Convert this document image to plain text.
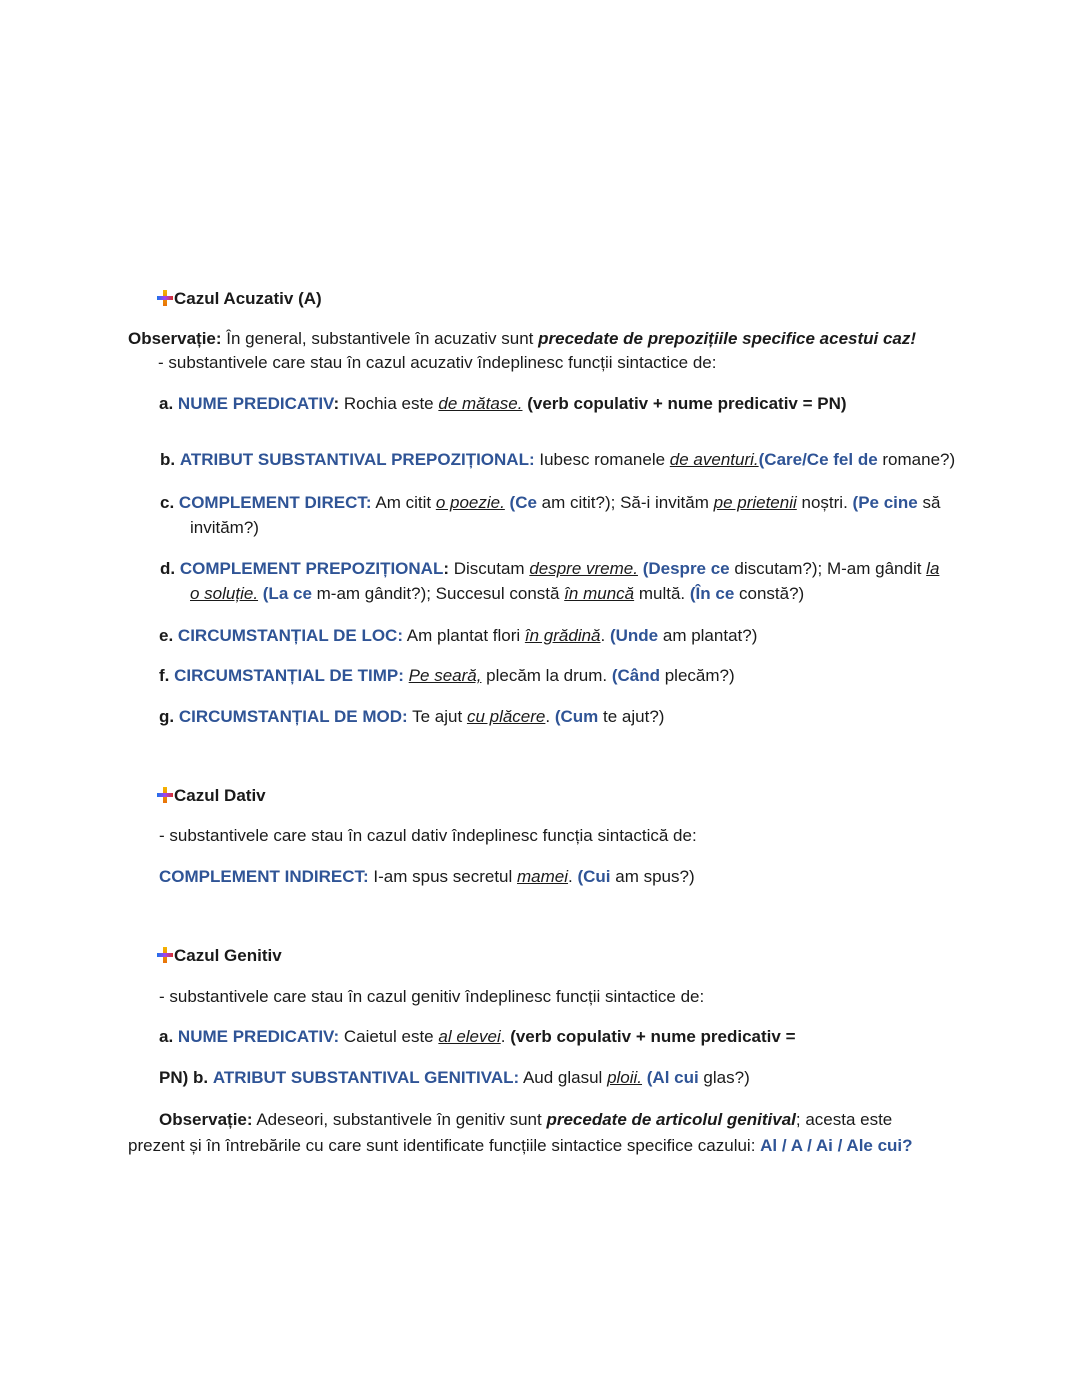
Cazul Acuzativ (A)
Observație: În general, substantivele în acuzativ sunt precedate de prepozițiile specifice acestui caz!
- substantivele care stau în cazul acuzativ îndeplinesc funcții sintactice de:
a. NUME PREDICATIV: Rochia este de mătase. (verb copulativ + nume predicativ = PN)
b. ATRIBUT SUBSTANTIVAL PREPOZIȚIONAL: Iubesc romanele de aventuri.(Care/Ce fel de romane?)
c. COMPLEMENT DIRECT: Am citit o poezie. (Ce am citit?); Să-i invităm pe prietenii noștri. (Pe cine să
invităm?)
d. COMPLEMENT PREPOZIȚIONAL: Discutam despre vreme. (Despre ce discutam?); M-am gândit la
o soluție. (La ce m-am gândit?); Succesul constă în muncă multă. (În ce constă?)
e. CIRCUMSTANȚIAL DE LOC: Am plantat flori în grădină. (Unde am plantat?)
f. CIRCUMSTANȚIAL DE TIMP: Pe seară, plecăm la drum. (Când plecăm?)
g. CIRCUMSTANȚIAL DE MOD: Te ajut cu plăcere. (Cum te ajut?)
Cazul Dativ
- substantivele care stau în cazul dativ îndeplinesc funcția sintactică de:
COMPLEMENT INDIRECT: I-am spus secretul mamei. (Cui am spus?)
Cazul Genitiv
- substantivele care stau în cazul genitiv îndeplinesc funcții sintactice de:
a. NUME PREDICATIV: Caietul este al elevei. (verb copulativ + nume predicativ =
PN) b. ATRIBUT SUBSTANTIVAL GENITIVAL: Aud glasul ploii. (Al cui glas?)
Observație: Adeseori, substantivele în genitiv sunt precedate de articolul genitival; acesta este
prezent și în întrebările cu care sunt identificate funcțiile sintactice specifice cazului: Al / A / Ai / Ale cui?
